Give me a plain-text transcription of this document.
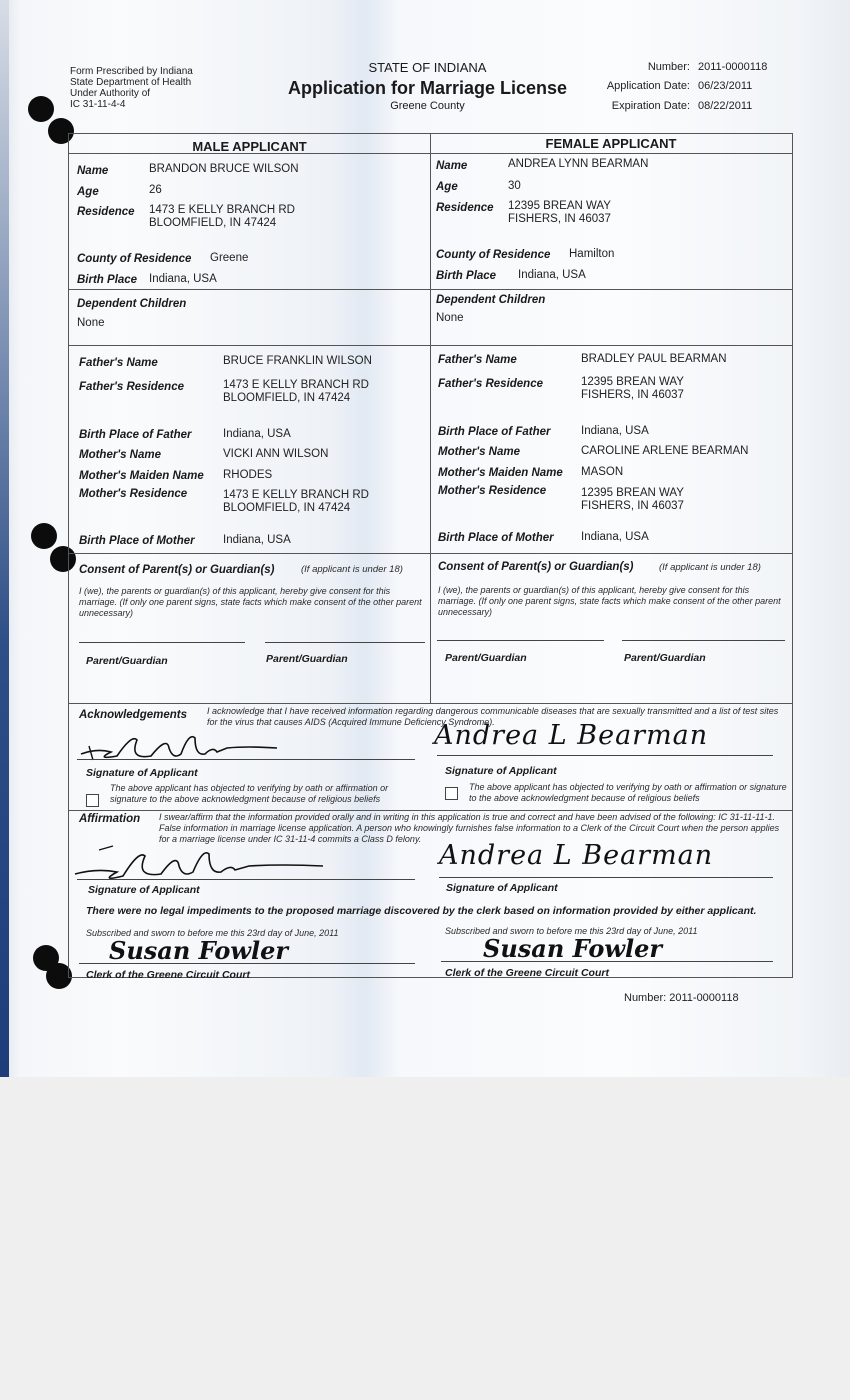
Form Prescribed by Indiana
State Department of Health
Under Authority of
IC 31-11-4-4
STATE OF INDIANA
Application for Marriage License
Greene County
Number: 2011-0000118
Application Date: 06/23/2011
Expiration Date: 08/22/2011
MALE APPLICANT	FEMALE APPLICANT
Name	BRANDON BRUCE WILSON
Age	26
Residence 1473 E KELLY BRANCH RD
BLOOMFIELD, IN 47424
County of Residence Greene
Birth Place Indiana, USA
Dependent Children
None
Father's Name	BRUCE FRANKLIN WILSON
Father's Residence	1473 E KELLY BRANCH RD
BLOOMFIELD, IN 47424
Birth Place of Father	Indiana, USA
Mother's Name	VICKI ANN WILSON
Mother's Maiden Name RHODES
Mother's Residence	1473 E KELLY BRANCH RD
BLOOMFIELD, IN 47424
Birth Place of Mother Indiana, USA
Name	ANDREA LYNN BEARMAN
Age	30
Residence 12395 BREAN WAY
FISHERS, IN 46037
County of Residence Hamilton
Birth Place Indiana, USA
Dependent Children
None
Father's Name	BRADLEY PAUL BEARMAN
Father's Residence	12395 BREAN WAY
FISHERS, IN 46037
Birth Place of Father	Indiana, USA
Mother's Name	CAROLINE ARLENE BEARMAN
Mother's Maiden Name MASON
Mother's Residence	12395 BREAN WAY
FISHERS, IN 46037
Birth Place of Mother Indiana, USA
Consent of Parent(s) or Guardian(s)	(If applicant is under 18)
I (we), the parents or guardian(s) of this applicant, hereby give consent for this marriage. (If only one parent signs, state facts which make consent of the other parent unnecessary)
Parent/Guardian	Parent/Guardian
Consent of Parent(s) or Guardian(s)	(If applicant is under 18)
I (we), the parents or guardian(s) of this applicant, hereby give consent for this marriage. (If only one parent signs, state facts which make consent of the other parent unnecessary)
Parent/Guardian	Parent/Guardian
Acknowledgements I acknowledge that I have received information regarding dangerous communicable diseases that are sexually transmitted and a list of test sites for the virus that causes AIDS (Acquired Immune Deficiency Syndrome).
Signature of Applicant
The above applicant has objected to verifying by oath or affirmation or signature to the above acknowledgment because of religious beliefs
Andrea L Bearman
Signature of Applicant
The above applicant has objected to verifying by oath or affirmation or signature to the above acknowledgment because of religious beliefs
Affirmation I swear/affirm that the information provided orally and in writing in this application is true and correct and have been advised of the following: IC 31-11-11-1. False information in marriage license application. A person who knowingly furnishes false information to a Clerk of the Circuit Court when the person applies for a marriage license under IC 31-11-4 commits a Class D felony.
Signature of Applicant
Andrea L Bearman
Signature of Applicant
There were no legal impediments to the proposed marriage discovered by the clerk based on information provided by either applicant.
Subscribed and sworn to before me this 23rd day of June, 2011
Susan Fowler
Clerk of the Greene Circuit Court
Subscribed and sworn to before me this 23rd day of June, 2011
Susan Fowler
Clerk of the Greene Circuit Court
Number: 2011-0000118
